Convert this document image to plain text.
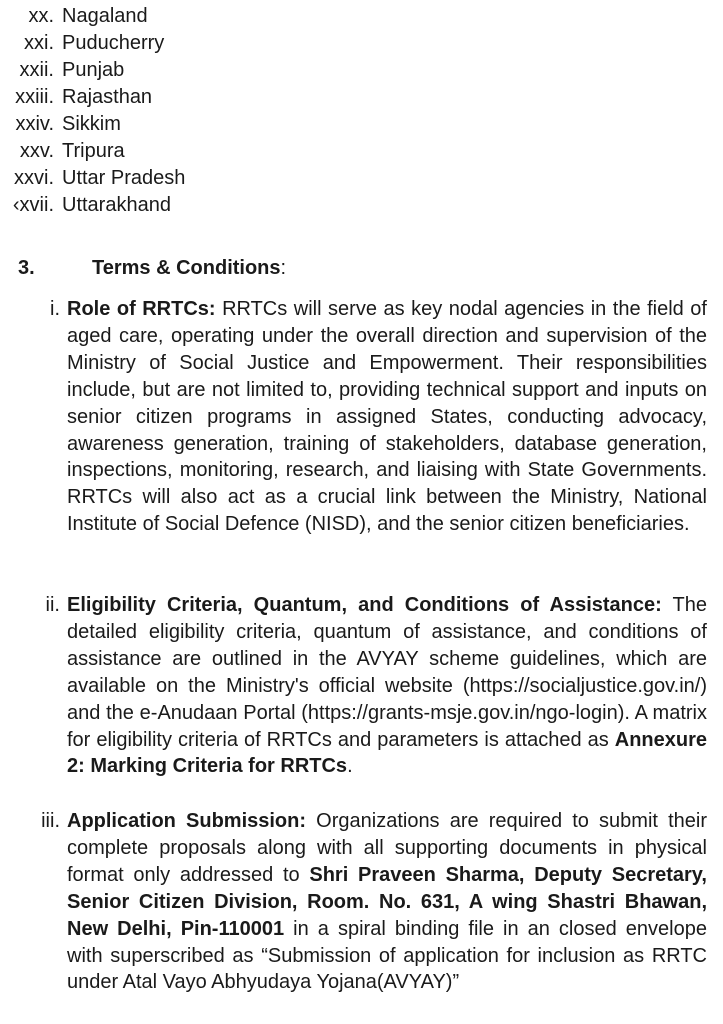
xx. Nagaland
xxi. Puducherry
xxii. Punjab
xxiii. Rajasthan
xxiv. Sikkim
xxv. Tripura
xxvi. Uttar Pradesh
‹xvii. Uttarakhand
3.	Terms & Conditions:
i. Role of RRTCs: RRTCs will serve as key nodal agencies in the field of aged care, operating under the overall direction and supervision of the Ministry of Social Justice and Empowerment. Their responsibilities include, but are not limited to, providing technical support and inputs on senior citizen programs in assigned States, conducting advocacy, awareness generation, training of stakeholders, database generation, inspections, monitoring, research, and liaising with State Governments. RRTCs will also act as a crucial link between the Ministry, National Institute of Social Defence (NISD), and the senior citizen beneficiaries.
ii. Eligibility Criteria, Quantum, and Conditions of Assistance: The detailed eligibility criteria, quantum of assistance, and conditions of assistance are outlined in the AVYAY scheme guidelines, which are available on the Ministry's official website (https://socialjustice.gov.in/) and the e-Anudaan Portal (https://grants-msje.gov.in/ngo-login). A matrix for eligibility criteria of RRTCs and parameters is attached as Annexure 2: Marking Criteria for RRTCs.
iii. Application Submission: Organizations are required to submit their complete proposals along with all supporting documents in physical format only addressed to Shri Praveen Sharma, Deputy Secretary, Senior Citizen Division, Room. No. 631, A wing Shastri Bhawan, New Delhi, Pin-110001 in a spiral binding file in an closed envelope with superscribed as “Submission of application for inclusion as RRTC under Atal Vayo Abhyudaya Yojana(AVYAY)”
